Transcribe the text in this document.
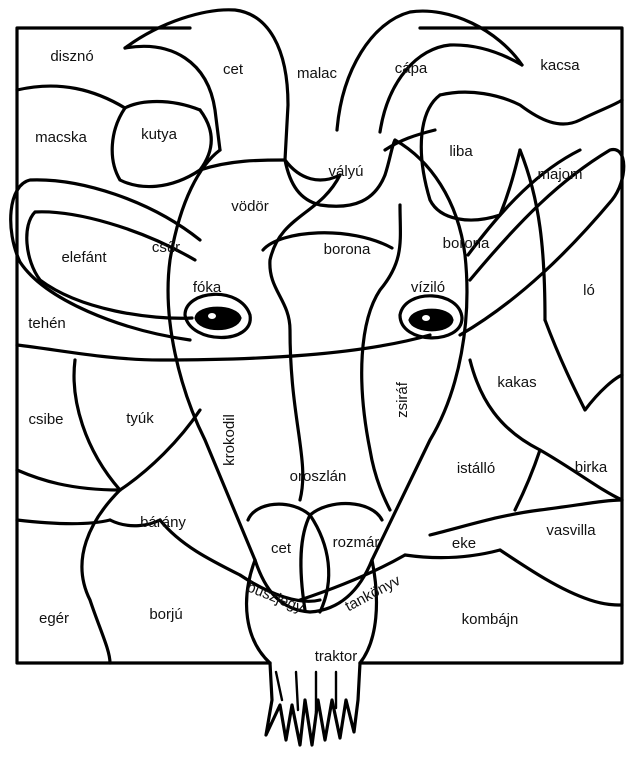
disznó
cet	malac	cápa	kacsa
macska	kutya
vályú
liba
majom
vödör
elefánt
csűr	borona	borona
fóka	víziló	ló
tehén
kakas
csibe	tyúk	krokodil
zsiráf
oroszlán	istálló	birka
bárány
cet	rozmár	eke
vasvilla
buszjegy tankönyv
egér	borjú	kombájn
traktor
